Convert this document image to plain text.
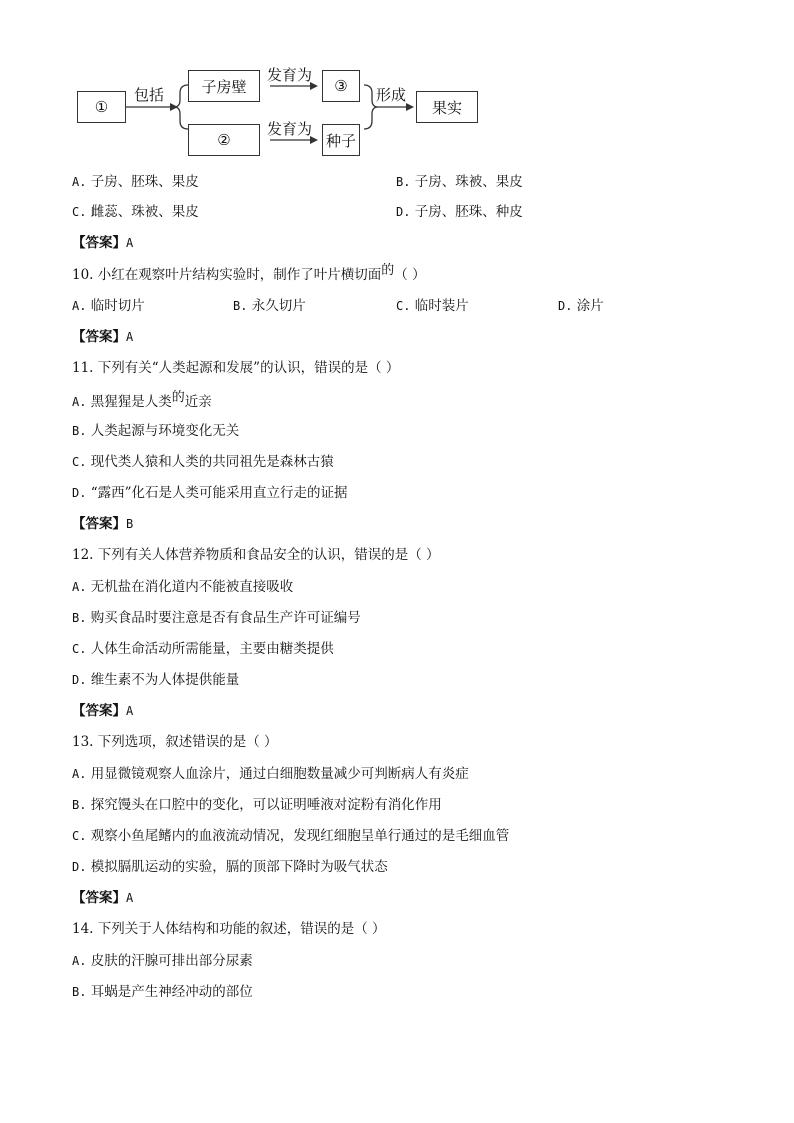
①
包括	子房壁
②
发育为
发育为
③
种子
形成
果实
A. 子房、胚珠、果皮	B. 子房、珠被、果皮
C. 雌蕊、珠被、果皮	D. 子房、胚珠、种皮
【答案】A
10. 小红在观察叶片结构实验时，制作了叶片横切面的（ ）
A. 临时切片	B. 永久切片	C. 临时装片	D. 涂片
【答案】A
11. 下列有关“人类起源和发展”的认识，错误的是（ ）
A. 黑猩猩是人类的近亲
B. 人类起源与环境变化无关
C. 现代类人猿和人类的共同祖先是森林古猿
D. “露西”化石是人类可能采用直立行走的证据
【答案】B
12. 下列有关人体营养物质和食品安全的认识，错误的是（ ）
A. 无机盐在消化道内不能被直接吸收
B. 购买食品时要注意是否有食品生产许可证编号
C. 人体生命活动所需能量，主要由糖类提供
D. 维生素不为人体提供能量
【答案】A
13. 下列选项，叙述错误的是（ ）
A. 用显微镜观察人血涂片，通过白细胞数量减少可判断病人有炎症
B. 探究馒头在口腔中的变化，可以证明唾液对淀粉有消化作用
C. 观察小鱼尾鳍内的血液流动情况，发现红细胞呈单行通过的是毛细血管
D. 模拟膈肌运动的实验，膈的顶部下降时为吸气状态
【答案】A
14. 下列关于人体结构和功能的叙述，错误的是（ ）
A. 皮肤的汗腺可排出部分尿素
B. 耳蜗是产生神经冲动的部位
